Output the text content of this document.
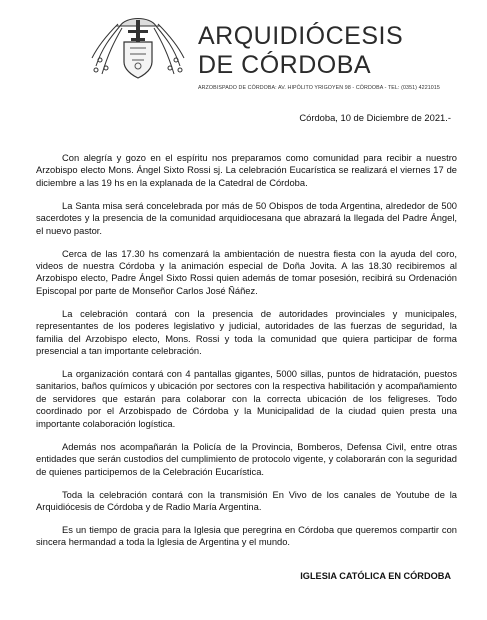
ARQUIDIÓCESIS
DE CÓRDOBA
ARZOBISPADO DE CÓRDOBA: AV. HIPÓLITO YRIGOYEN 98 - CÓRDOBA - TEL: (0351) 4221015
Córdoba, 10 de Diciembre de 2021.-

Con alegría y gozo en el espíritu nos preparamos como comunidad para recibir a nuestro Arzobispo electo Mons. Ángel Sixto Rossi sj. La celebración Eucarística se realizará el viernes 17 de diciembre a las 19 hs en la explanada de la Catedral de Córdoba.

La Santa misa será concelebrada por más de 50 Obispos de toda Argentina, alrededor de 500 sacerdotes y la presencia de la comunidad arquidiocesana que abrazará la llegada del Padre Ángel, el nuevo pastor.

Cerca de las 17.30 hs comenzará la ambientación de nuestra fiesta con la ayuda del coro, videos de nuestra Córdoba y la animación especial de Doña Jovita. A las 18.30 recibiremos al Arzobispo electo, Padre Ángel Sixto Rossi quien además de tomar posesión, recibirá su Ordenación Episcopal por parte de Monseñor Carlos José Ñáñez.

La celebración contará con la presencia de autoridades provinciales y municipales, representantes de los poderes legislativo y judicial, autoridades de las fuerzas de seguridad, la familia del Arzobispo electo, Mons. Rossi y toda la comunidad que quiera participar de forma presencial a tan importante celebración.

La organización contará con 4 pantallas gigantes, 5000 sillas, puntos de hidratación, puestos sanitarios, baños químicos y ubicación por sectores con la respectiva habilitación y acompañamiento de servidores que estarán para colaborar con la correcta ubicación de los feligreses. Todo coordinado por el Arzobispado de Córdoba y la Municipalidad de la ciudad quien presta una importante colaboración logística.

Además nos acompañarán la Policía de la Provincia, Bomberos, Defensa Civil, entre otras entidades que serán custodios del cumplimiento de protocolo vigente, y colaborarán con la seguridad de quienes participemos de la Celebración Eucarística.

Toda la celebración contará con la transmisión En Vivo de los canales de Youtube de la Arquidiócesis de Córdoba y de Radio María Argentina.

Es un tiempo de gracia para la Iglesia que peregrina en Córdoba que queremos compartir con sincera hermandad a toda la Iglesia de Argentina y el mundo.

IGLESIA CATÓLICA EN CÓRDOBA
